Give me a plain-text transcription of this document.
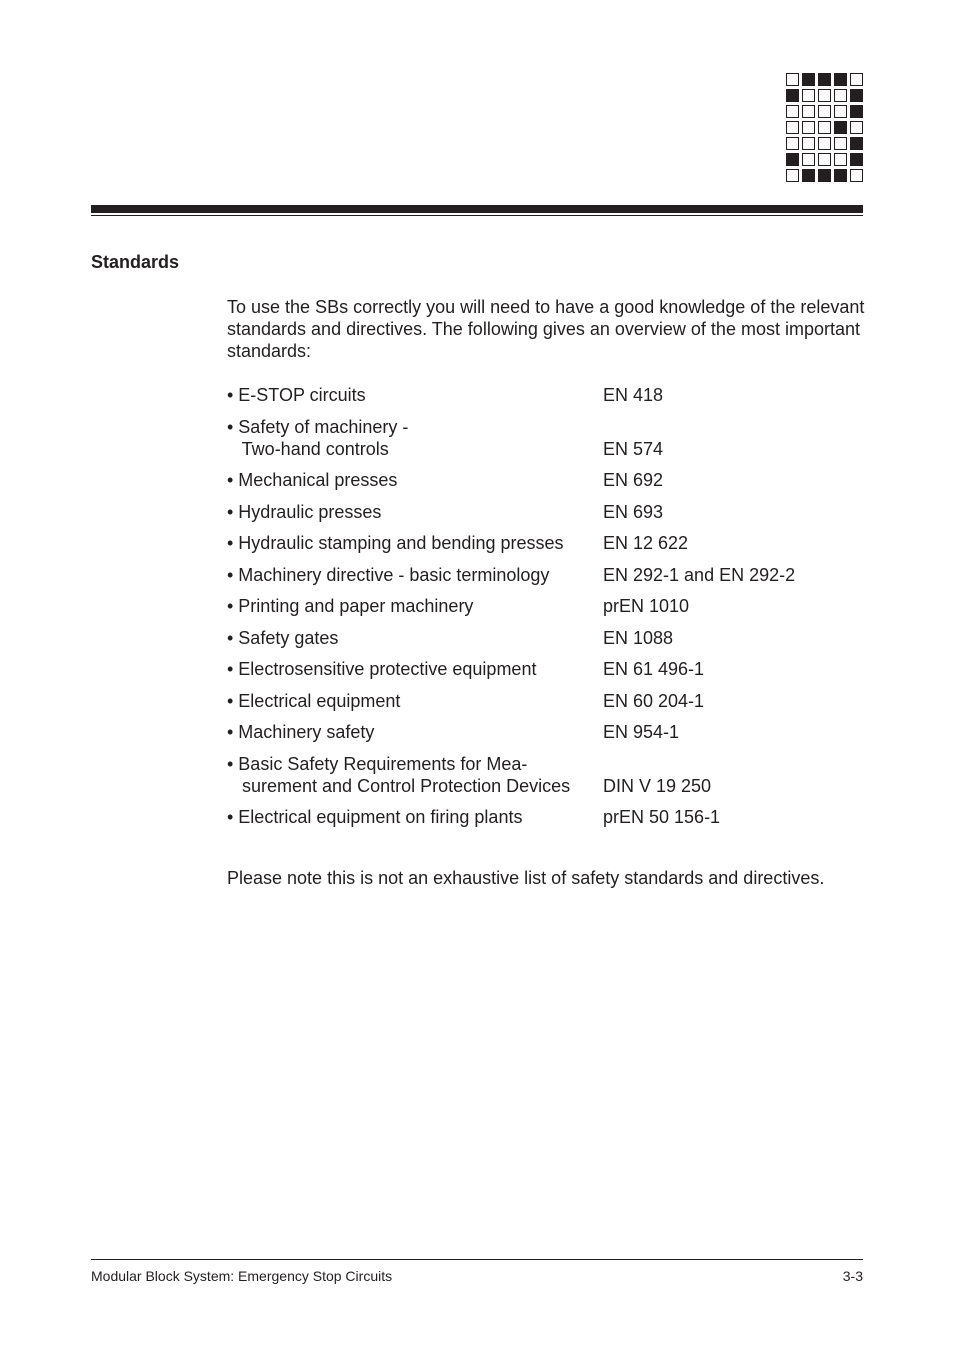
Standards

To use the SBs correctly you will need to have a good knowledge of the relevant standards and directives. The following gives an overview of the most important standards:

• E-STOP circuits	EN 418
• Safety of machinery -
Two-hand controls	EN 574
• Mechanical presses	EN 692
• Hydraulic presses	EN 693
• Hydraulic stamping and bending presses	EN 12 622
• Machinery directive - basic terminology	EN 292-1 and EN 292-2
• Printing and paper machinery	prEN 1010
• Safety gates	EN 1088
• Electrosensitive protective equipment	EN 61 496-1
• Electrical equipment	EN 60 204-1
• Machinery safety	EN 954-1
• Basic Safety Requirements for Mea-
surement and Control Protection Devices	DIN V 19 250
• Electrical equipment on firing plants	prEN 50 156-1

Please note this is not an exhaustive list of safety standards and directives.

Modular Block System: Emergency Stop Circuits	3-3
